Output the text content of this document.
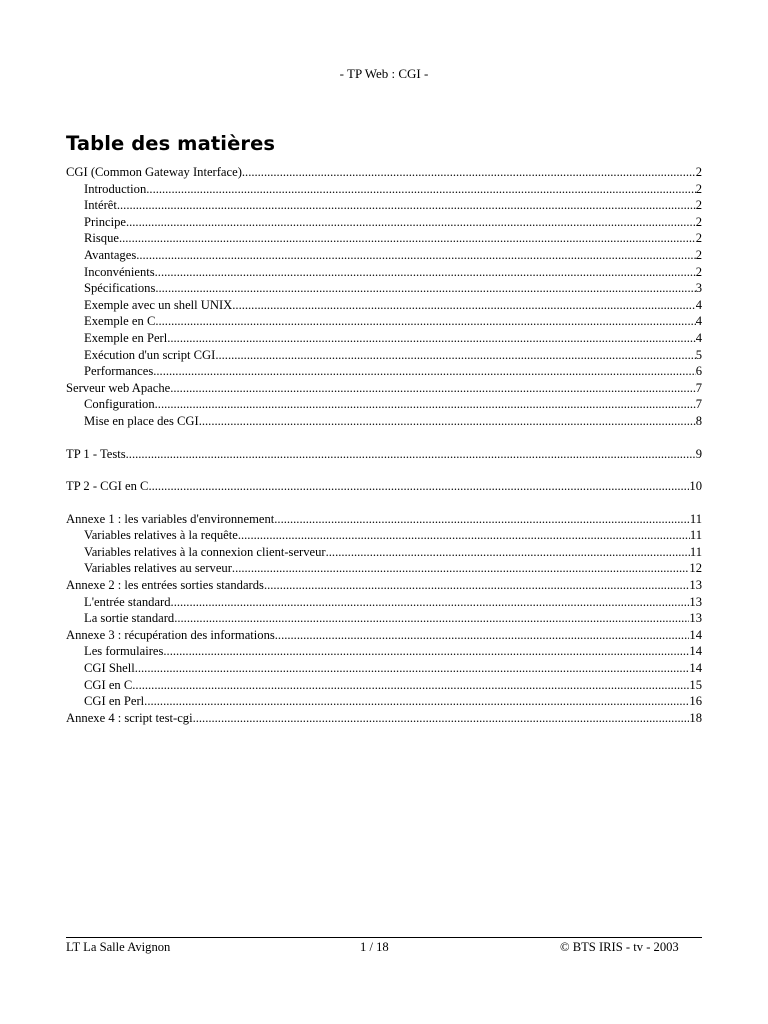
- TP Web : CGI -
Table des matières
CGI (Common Gateway Interface) .....	2
Introduction .....	2
Intérêt .....	2
Principe .....	2
Risque .....	2
Avantages .....	2
Inconvénients .....	2
Spécifications .....	3
Exemple avec un shell UNIX .....	4
Exemple en C .....	4
Exemple en Perl .....	4
Exécution d'un script CGI .....	5
Performances .....	6
Serveur web Apache .....	7
Configuration .....	7
Mise en place des CGI .....	8
TP 1 - Tests .....	9
TP 2 - CGI en C .....	10
Annexe 1 : les variables d'environnement .....	11
Variables relatives à la requête .....	11
Variables relatives à la connexion client-serveur .....	11
Variables relatives au serveur .....	12
Annexe 2 : les entrées sorties standards .....	13
L'entrée standard .....	13
La sortie standard .....	13
Annexe 3 : récupération des informations .....	14
Les formulaires .....	14
CGI Shell .....	14
CGI en C .....	15
CGI en Perl .....	16
Annexe 4 : script test-cgi .....	18
LT La Salle Avignon	1 / 18	© BTS IRIS - tv - 2003
